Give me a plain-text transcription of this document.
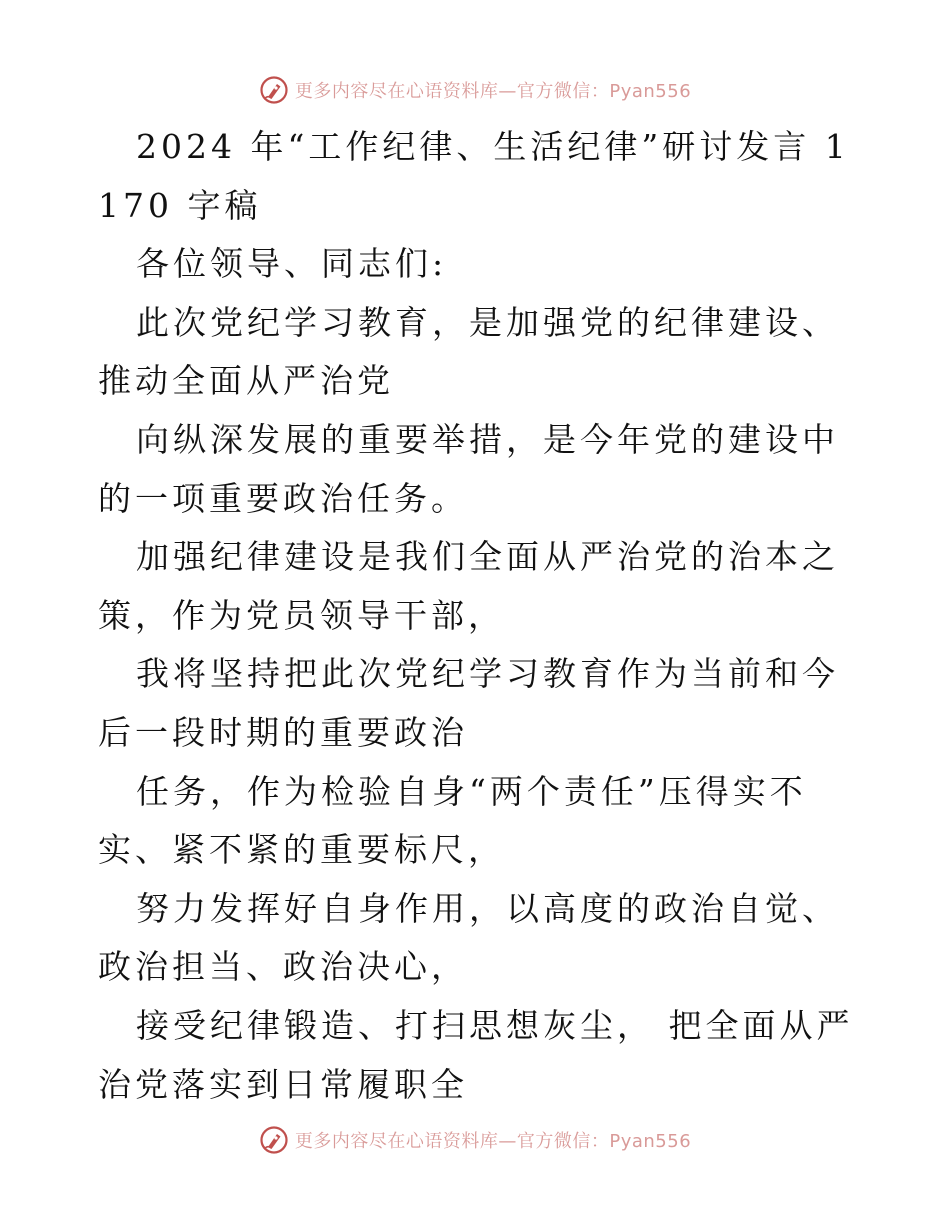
更多内容尽在心语资料库—官方微信：Pyan556

2024 年“工作纪律、生活纪律”研讨发言 1170 字稿

各位领导、同志们:

此次党纪学习教育，是加强党的纪律建设、推动全面从严治党

向纵深发展的重要举措，是今年党的建设中的一项重要政治任务。

加强纪律建设是我们全面从严治党的治本之策，作为党员领导干部，

我将坚持把此次党纪学习教育作为当前和今后一段时期的重要政治

任务，作为检验自身“两个责任”压得实不实、紧不紧的重要标尺，

努力发挥好自身作用，以高度的政治自觉、政治担当、政治决心，

接受纪律锻造、打扫思想灰尘， 把全面从严治党落实到日常履职全

更多内容尽在心语资料库—官方微信：Pyan556
